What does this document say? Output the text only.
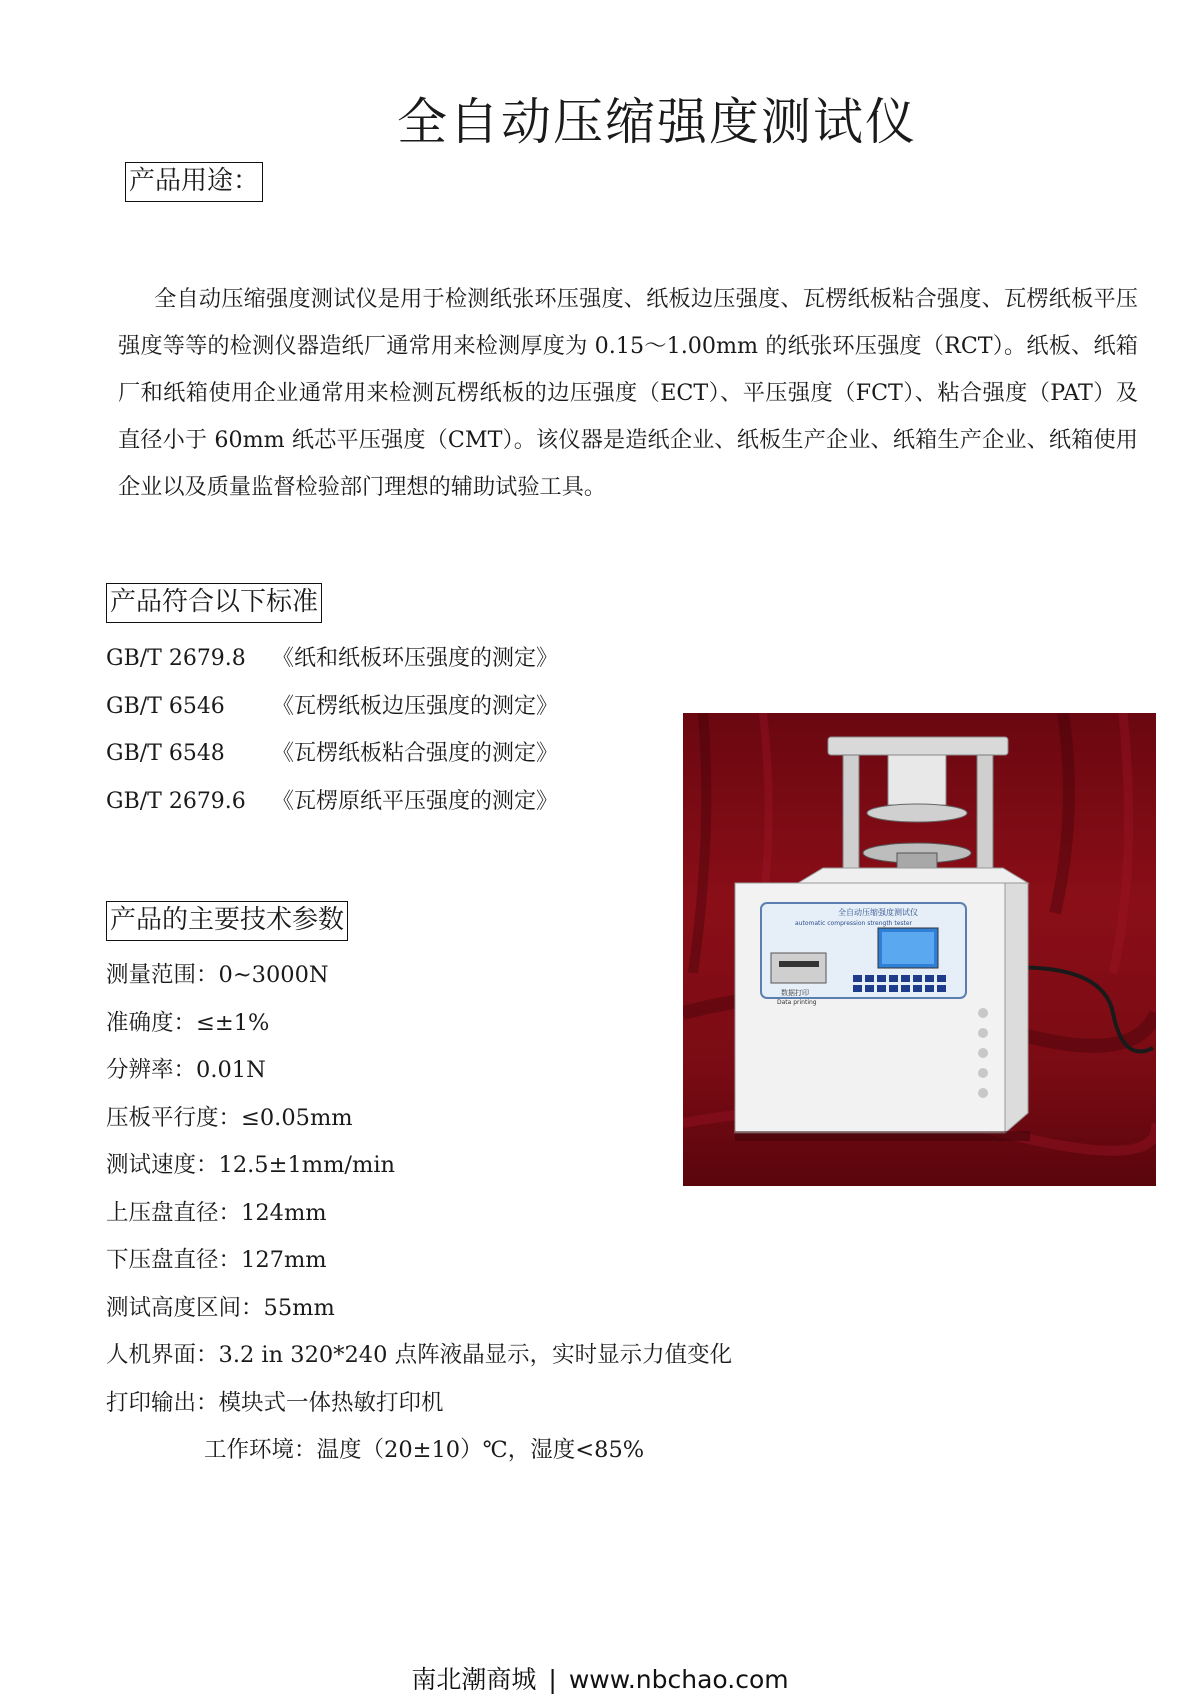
全自动压缩强度测试仪
产品用途：

全自动压缩强度测试仪是用于检测纸张环压强度、纸板边压强度、瓦楞纸板粘合强度、瓦楞纸板平压强度等等的检测仪器造纸厂通常用来检测厚度为 0.15～1.00mm 的纸张环压强度（RCT）。纸板、纸箱厂和纸箱使用企业通常用来检测瓦楞纸板的边压强度（ECT）、平压强度（FCT）、粘合强度（PAT）及直径小于 60mm 纸芯平压强度（CMT）。该仪器是造纸企业、纸板生产企业、纸箱生产企业、纸箱使用企业以及质量监督检验部门理想的辅助试验工具。

产品符合以下标准
GB/T 2679.8 《纸和纸板环压强度的测定》
GB/T 6546 《瓦楞纸板边压强度的测定》
GB/T 6548 《瓦楞纸板粘合强度的测定》
GB/T 2679.6 《瓦楞原纸平压强度的测定》
产品的主要技术参数
测量范围：0~3000N
准确度：≤±1%
分辨率：0.01N
压板平行度：≤0.05mm
测试速度：12.5±1mm/min
上压盘直径：124mm
下压盘直径：127mm
测试高度区间：55mm
人机界面：3.2 in 320*240 点阵液晶显示，实时显示力值变化
打印输出：模块式一体热敏打印机
工作环境：温度（20±10）℃，湿度<85%
全自动压缩强度测试仪
automatic compression strength tester
数据打印
Data printing
南北潮商城 | www.nbchao.com
